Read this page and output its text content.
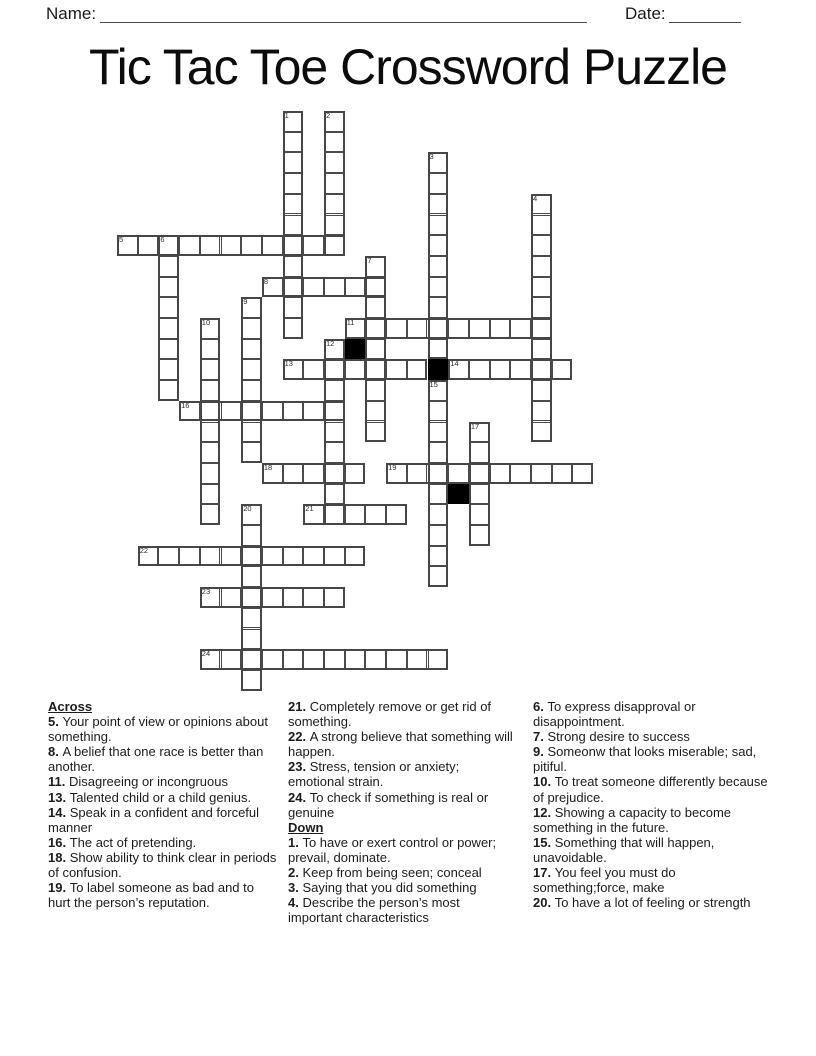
Name:	Date:
Tic Tac Toe Crossword Puzzle
1	2
3
4
5	6
7
8
9
10	11
12
13	14
15
16
17
18	19
20	21
22
23
24
Across
5. Your point of view or opinions about something.
8. A belief that one race is better than another.
11. Disagreeing or incongruous
13. Talented child or a child genius.
14. Speak in a confident and forceful manner
16. The act of pretending.
18. Show ability to think clear in periods of confusion.
19. To label someone as bad and to hurt the person’s reputation.
21. Completely remove or get rid of something.
22. A strong believe that something will happen.
23. Stress, tension or anxiety; emotional strain.
24. To check if something is real or genuine
Down
1. To have or exert control or power; prevail, dominate.
2. Keep from being seen; conceal
3. Saying that you did something
4. Describe the person’s most important characteristics
6. To express disapproval or disappointment.
7. Strong desire to success
9. Someonw that looks miserable; sad, pitiful.
10. To treat someone differently because of prejudice.
12. Showing a capacity to become something in the future.
15. Something that will happen, unavoidable.
17. You feel you must do something;force, make
20. To have a lot of feeling or strength
